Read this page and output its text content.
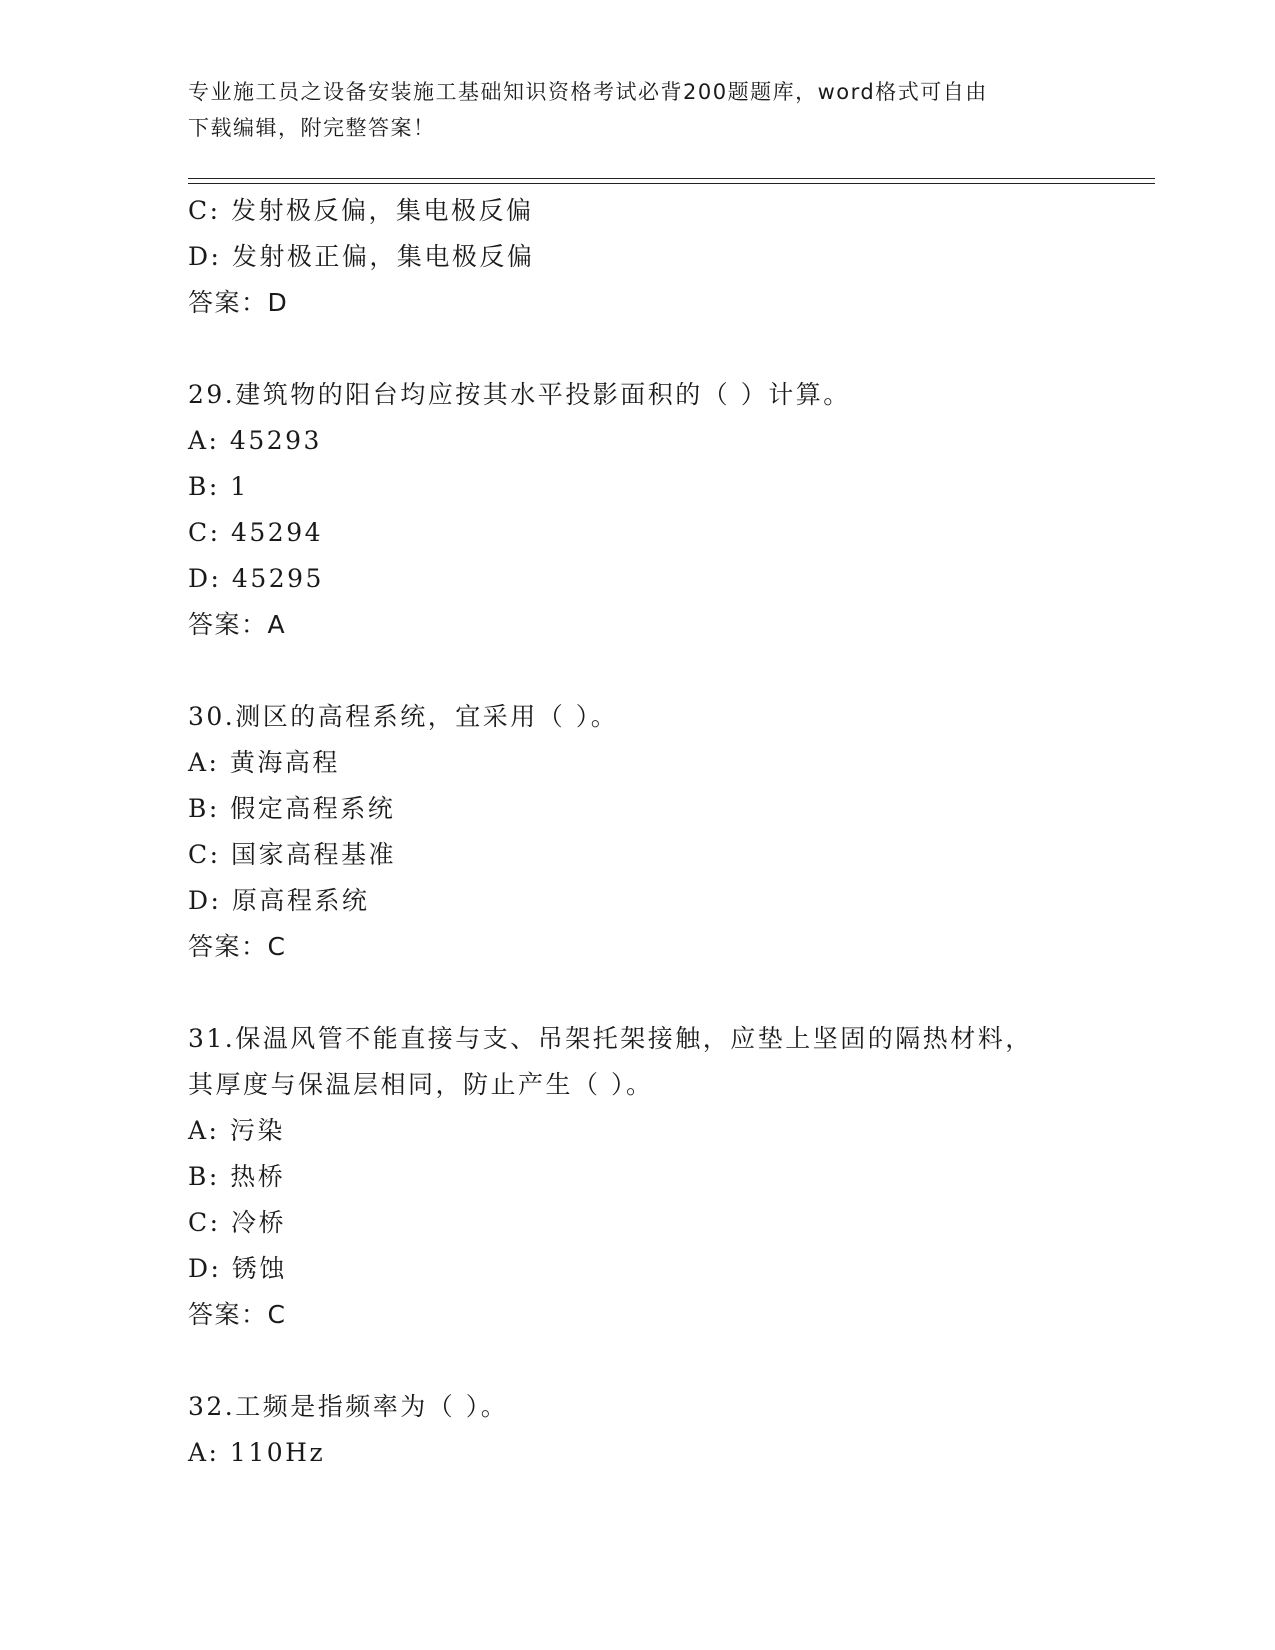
专业施工员之设备安装施工基础知识资格考试必背200题题库，word格式可自由
下载编辑，附完整答案！
C: 发射极反偏，集电极反偏
D: 发射极正偏，集电极反偏
答案：D
29.建筑物的阳台均应按其水平投影面积的（ ）计算。
A: 45293
B: 1
C: 45294
D: 45295
答案：A
30.测区的高程系统，宜采用（ ）。
A: 黄海高程
B: 假定高程系统
C: 国家高程基准
D: 原高程系统
答案：C
31.保温风管不能直接与支、吊架托架接触，应垫上坚固的隔热材料，
其厚度与保温层相同，防止产生（ ）。
A: 污染
B: 热桥
C: 冷桥
D: 锈蚀
答案：C
32.工频是指频率为（ ）。
A: 110Hz
